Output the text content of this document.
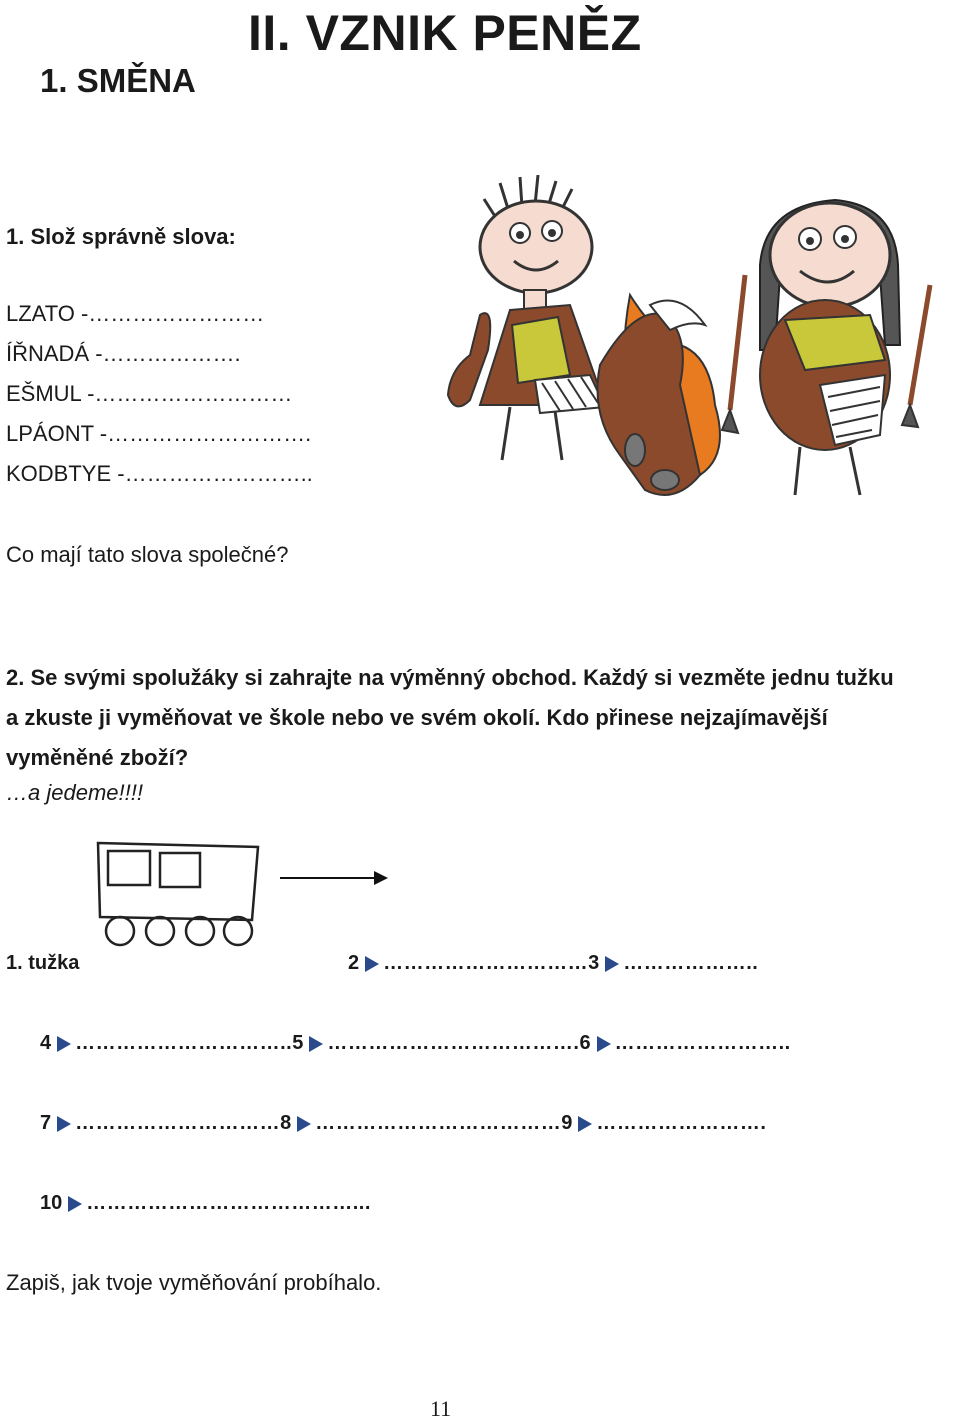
II. VZNIK PENĚZ
1. SMĚNA
1. Slož správně slova:
LZATO -……………………
ÍŘNADÁ -……………….
EŠMUL -………………………
LPÁONT -……………………….
KODBTYE -……………………..
Co mají tato slova společné?
2. Se svými spolužáky si zahrajte na výměnný obchod. Každý si vezměte jednu tužku a zkuste ji vyměňovat ve škole nebo ve svém okolí. Kdo přinese nejzajímavější vyměněné zboží?
…a jedeme!!!!
1. tužka	2 ………………………… 3 ………………..
4 ………………………….. 5 ………………………………. 6 ……………………..
7 ………………………… 8 ……………………………… 9 …………………….
10 …………………………………...
Zapiš, jak tvoje vyměňování probíhalo.
11
